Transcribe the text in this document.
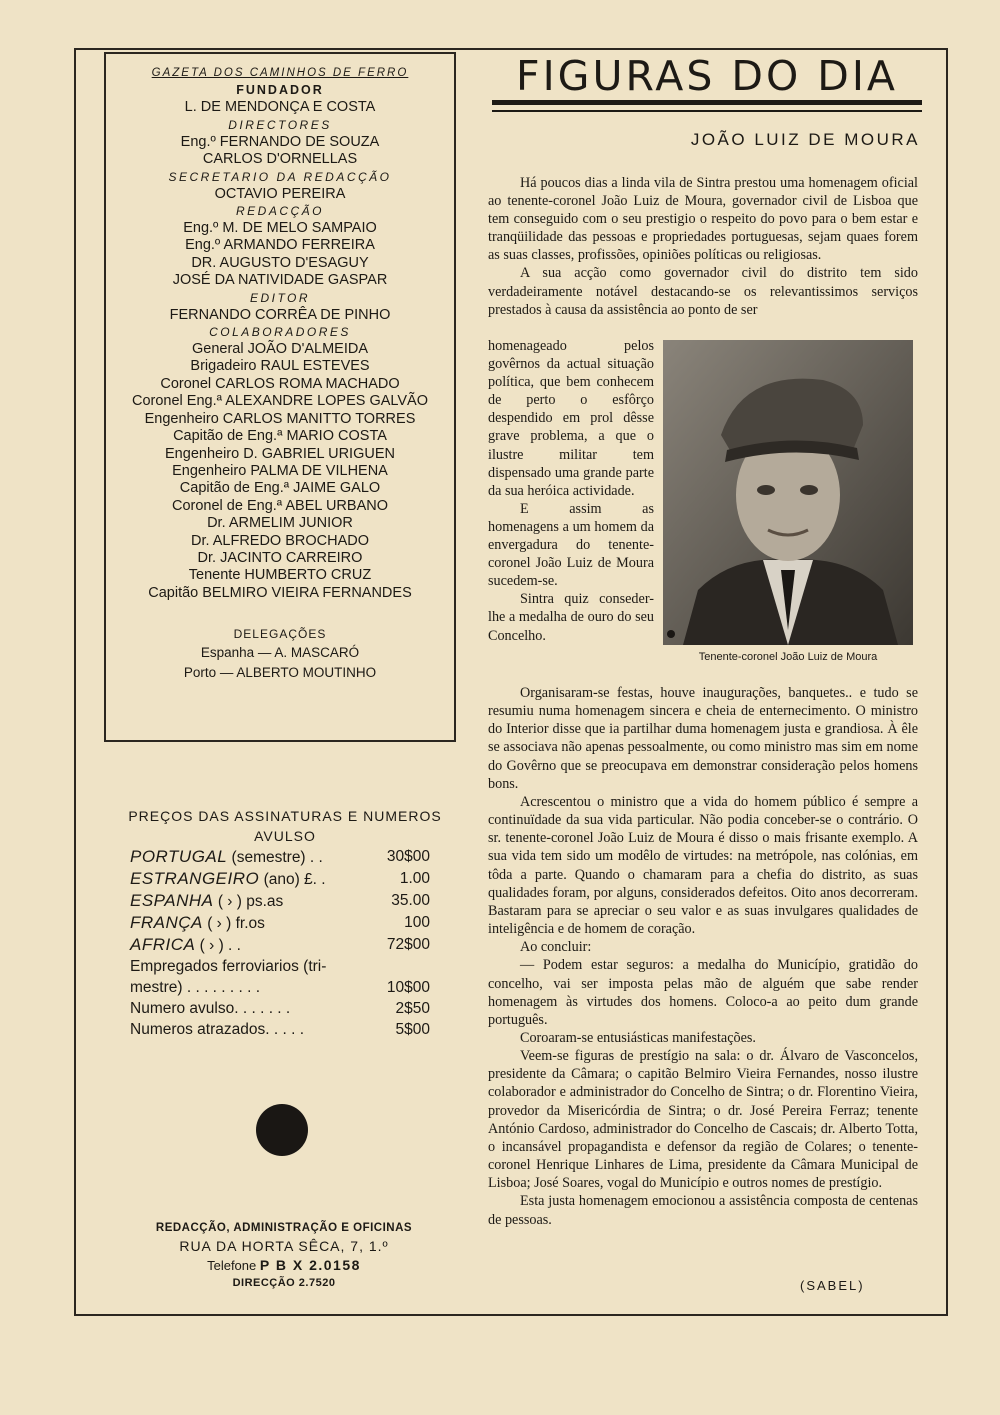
GAZETA DOS CAMINHOS DE FERRO
FUNDADOR
L. DE MENDONÇA E COSTA
DIRECTORES
Eng.º FERNANDO DE SOUZA
CARLOS D'ORNELLAS
SECRETARIO DA REDACÇÃO
OCTAVIO PEREIRA
REDACÇÃO
Eng.º M. DE MELO SAMPAIO
Eng.º ARMANDO FERREIRA
DR. AUGUSTO D'ESAGUY
JOSÉ DA NATIVIDADE GASPAR
EDITOR
FERNANDO CORRÊA DE PINHO
COLABORADORES
General JOÃO D'ALMEIDA
Brigadeiro RAUL ESTEVES
Coronel CARLOS ROMA MACHADO
Coronel Eng.ª ALEXANDRE LOPES GALVÃO
Engenheiro CARLOS MANITTO TORRES
Capitão de Eng.ª MARIO COSTA
Engenheiro D. GABRIEL URIGUEN
Engenheiro PALMA DE VILHENA
Capitão de Eng.ª JAIME GALO
Coronel de Eng.ª ABEL URBANO
Dr. ARMELIM JUNIOR
Dr. ALFREDO BROCHADO
Dr. JACINTO CARREIRO
Tenente HUMBERTO CRUZ
Capitão BELMIRO VIEIRA FERNANDES
DELEGAÇÕES
Espanha — A. MASCARÓ
Porto — ALBERTO MOUTINHO
PREÇOS DAS ASSINATURAS E NUMEROS AVULSO
PORTUGAL (semestre) . .	30$00
ESTRANGEIRO (ano) £. .	1.00
ESPANHA ( › ) ps.as	35.00
FRANÇA ( › ) fr.os	100
AFRICA ( › ) . .	72$00
Empregados ferroviarios (tri-
mestre) . . . . . . . . .	10$00
Numero avulso. . . . . . .	2$50
Numeros atrazados. . . . .	5$00
REDACÇÃO, ADMINISTRAÇÃO E OFICINAS
RUA DA HORTA SÊCA, 7, 1.º
Telefone P B X 2.0158
DIRECÇÃO 2.7520
FIGURAS DO DIA
JOÃO LUIZ DE MOURA

Há poucos dias a linda vila de Sintra prestou uma homenagem oficial ao tenente-coronel João Luiz de Moura, governador civil de Lisboa que tem conseguido com o seu prestigio o respeito do povo para o bem estar e tranqüilidade das pessoas e propriedades portuguesas, sejam quaes forem as suas classes, profissões, opiniões políticas ou religiosas.

A sua acção como governador civil do distrito tem sido verdadeiramente notável destacando-se os relevantissimos serviços prestados à causa da assistência ao ponto de ser

homenageado pelos govêrnos da actual situação política, que bem conhecem de perto o esfôrço despendido em prol dêsse grave problema, a que o ilustre militar tem dispensado uma grande parte da sua heróica actividade.
E assim as homenagens a um homem da envergadura do tenente-coronel João Luiz de Moura sucedem-se.
Sintra quiz conseder-lhe a medalha de ouro do seu Concelho.
Tenente-coronel João Luiz de Moura

Organisaram-se festas, houve inaugurações, banquetes.. e tudo se resumiu numa homenagem sincera e cheia de enternecimento. O ministro do Interior disse que ia partilhar duma homenagem justa e grandiosa. À êle se associava não apenas pessoalmente, ou como ministro mas sim em nome do Govêrno que se preocupava em demonstrar consideração pelos homens bons.

Acrescentou o ministro que a vida do homem público é sempre a continuïdade da sua vida particular. Não podia conceber-se o contrário. O sr. tenente-coronel João Luiz de Moura é disso o mais frisante exemplo. A sua vida tem sido um modêlo de virtudes: na metrópole, nas colónias, em tôda a parte. Quando o chamaram para a chefia do distrito, as suas qualidades foram, por alguns, considerados defeitos. Oito anos decorreram. Bastaram para se apreciar o seu valor e as suas invulgares qualidades de inteligência e de homem de coração.

Ao concluir:

— Podem estar seguros: a medalha do Município, gratidão do concelho, vai ser imposta pelas mão de alguém que sabe render homenagem às virtudes dos homens. Coloco-a ao peito dum grande português.

Coroaram-se entusiásticas manifestações.

Veem-se figuras de prestígio na sala: o dr. Álvaro de Vasconcelos, presidente da Câmara; o capitão Belmiro Vieira Fernandes, nosso ilustre colaborador e administrador do Concelho de Sintra; o dr. Florentino Vieira, provedor da Misericórdia de Sintra; o dr. José Pereira Ferraz; tenente António Cardoso, administrador do Concelho de Cascais; dr. Alberto Totta, o incansável propagandista e defensor da região de Colares; o tenente-coronel Henrique Linhares de Lima, presidente da Câmara Municipal de Lisboa; José Soares, vogal do Município e outros nomes de prestígio.

Esta justa homenagem emocionou a assistência composta de centenas de pessoas.

(SABEL)
